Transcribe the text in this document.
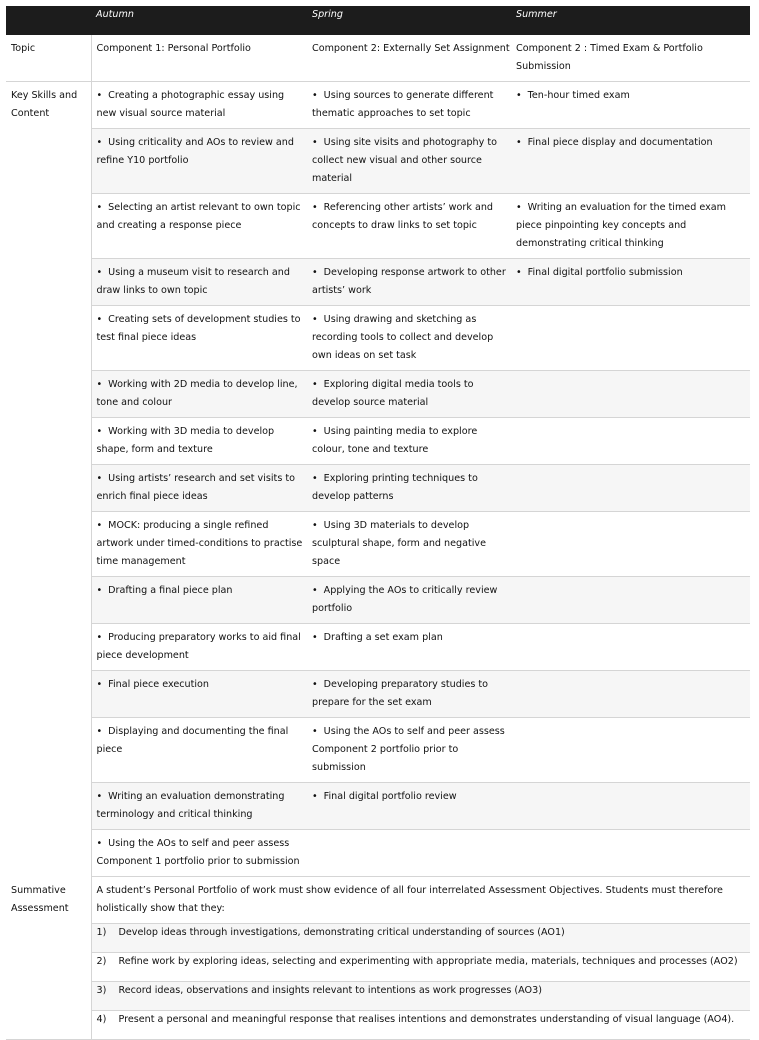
	Autumn	Spring	Summer
Topic	Component 1: Personal Portfolio	Component 2: Externally Set Assignment	Component 2 : Timed Exam & Portfolio Submission
Key Skills and Content	• Creating a photographic essay using new visual source material	• Using sources to generate different thematic approaches to set topic	• Ten-hour timed exam
	• Using criticality and AOs to review and refine Y10 portfolio	• Using site visits and photography to collect new visual and other source material	• Final piece display and documentation
	• Selecting an artist relevant to own topic and creating a response piece	• Referencing other artists’ work and concepts to draw links to set topic	• Writing an evaluation for the timed exam piece pinpointing key concepts and demonstrating critical thinking
	• Using a museum visit to research and draw links to own topic	• Developing response artwork to other artists’ work	• Final digital portfolio submission
	• Creating sets of development studies to test final piece ideas	• Using drawing and sketching as recording tools to collect and develop own ideas on set task	
	• Working with 2D media to develop line, tone and colour	• Exploring digital media tools to develop source material	
	• Working with 3D media to develop shape, form and texture	• Using painting media to explore colour, tone and texture	
	• Using artists’ research and set visits to enrich final piece ideas	• Exploring printing techniques to develop patterns	
	• MOCK: producing a single refined artwork under timed-conditions to practise time management	• Using 3D materials to develop sculptural shape, form and negative space	
	• Drafting a final piece plan	• Applying the AOs to critically review portfolio	
	• Producing preparatory works to aid final piece development	• Drafting a set exam plan	
	• Final piece execution	• Developing preparatory studies to prepare for the set exam	
	• Displaying and documenting the final piece	• Using the AOs to self and peer assess Component 2 portfolio prior to submission	
	• Writing an evaluation demonstrating terminology and critical thinking	• Final digital portfolio review	
	• Using the AOs to self and peer assess Component 1 portfolio prior to submission		
Summative Assessment	A student’s Personal Portfolio of work must show evidence of all four interrelated Assessment Objectives. Students must therefore holistically show that they:		
	1) Develop ideas through investigations, demonstrating critical understanding of sources (AO1)		
	2) Refine work by exploring ideas, selecting and experimenting with appropriate media, materials, techniques and processes (AO2)		
	3) Record ideas, observations and insights relevant to intentions as work progresses (AO3)		
	4) Present a personal and meaningful response that realises intentions and demonstrates understanding of visual language (AO4).		
